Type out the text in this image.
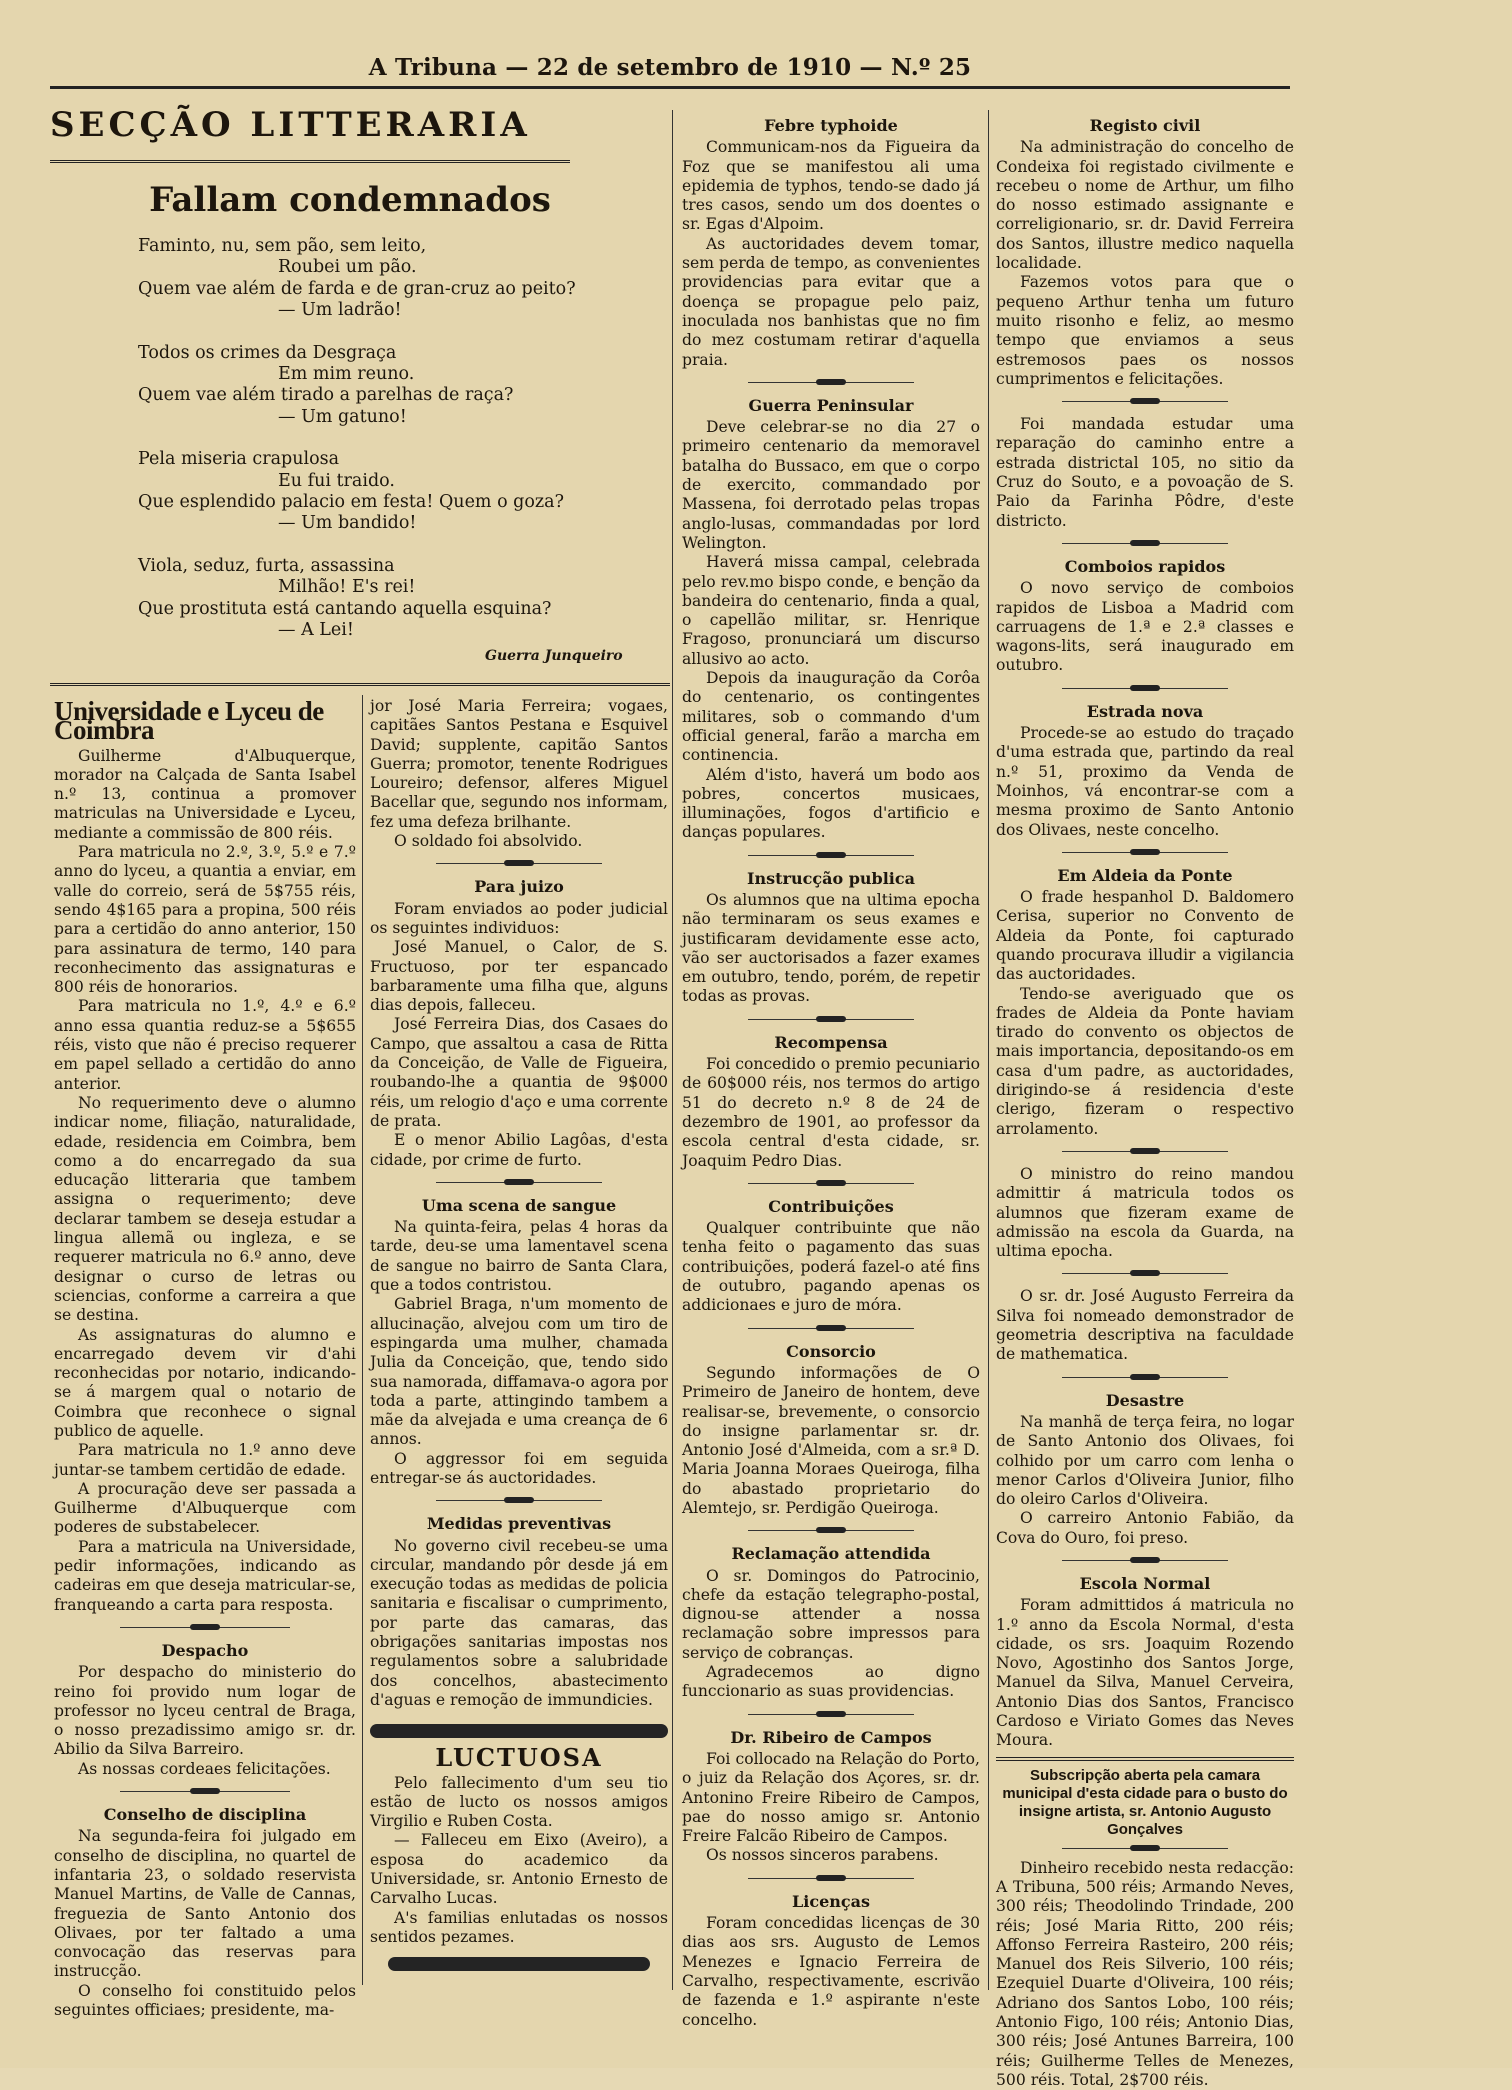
A Tribuna — 22 de setembro de 1910 — N.º 25
SECÇÃO LITTERARIA
Fallam condemnados
Faminto, nu, sem pão, sem leito,
Roubei um pão.
Quem vae além de farda e de gran-cruz ao peito?
— Um ladrão!
Todos os crimes da Desgraça
Em mim reuno.
Quem vae além tirado a parelhas de raça?
— Um gatuno!
Pela miseria crapulosa
Eu fui traido.
Que esplendido palacio em festa! Quem o goza?
— Um bandido!
Viola, seduz, furta, assassina
Milhão! E's rei!
Que prostituta está cantando aquella esquina?
— A Lei!
Guerra Junqueiro
Universidade e Lyceu de Coimbra

Guilherme d'Albuquerque, morador na Calçada de Santa Isabel n.º 13, continua a promover matriculas na Universidade e Lyceu, mediante a commissão de 800 réis.

Para matricula no 2.º, 3.º, 5.º e 7.º anno do lyceu, a quantia a enviar, em valle do correio, será de 5$755 réis, sendo 4$165 para a propina, 500 réis para a certidão do anno anterior, 150 para assinatura de termo, 140 para reconhecimento das assignaturas e 800 réis de honorarios.

Para matricula no 1.º, 4.º e 6.º anno essa quantia reduz-se a 5$655 réis, visto que não é preciso requerer em papel sellado a certidão do anno anterior.

No requerimento deve o alumno indicar nome, filiação, naturalidade, edade, residencia em Coimbra, bem como a do encarregado da sua educação litteraria que tambem assigna o requerimento; deve declarar tambem se deseja estudar a lingua allemã ou ingleza, e se requerer matricula no 6.º anno, deve designar o curso de letras ou sciencias, conforme a carreira a que se destina.

As assignaturas do alumno e encarregado devem vir d'ahi reconhecidas por notario, indicando-se á margem qual o notario de Coimbra que reconhece o signal publico de aquelle.

Para matricula no 1.º anno deve juntar-se tambem certidão de edade.

A procuração deve ser passada a Guilherme d'Albuquerque com poderes de substabelecer.

Para a matricula na Universidade, pedir informações, indicando as cadeiras em que deseja matricular-se, franqueando a carta para resposta.

Despacho

Por despacho do ministerio do reino foi provido num logar de professor no lyceu central de Braga, o nosso prezadissimo amigo sr. dr. Abilio da Silva Barreiro.

As nossas cordeaes felicitações.

Conselho de disciplina

Na segunda-feira foi julgado em conselho de disciplina, no quartel de infantaria 23, o soldado reservista Manuel Martins, de Valle de Cannas, freguezia de Santo Antonio dos Olivaes, por ter faltado a uma convocação das reservas para instrucção.

O conselho foi constituido pelos seguintes officiaes; presidente, ma-

jor José Maria Ferreira; vogaes, capitães Santos Pestana e Esquivel David; supplente, capitão Santos Guerra; promotor, tenente Rodrigues Loureiro; defensor, alferes Miguel Bacellar que, segundo nos informam, fez uma defeza brilhante.

O soldado foi absolvido.

Para juizo

Foram enviados ao poder judicial os seguintes individuos:

José Manuel, o Calor, de S. Fructuoso, por ter espancado barbaramente uma filha que, alguns dias depois, falleceu.

José Ferreira Dias, dos Casaes do Campo, que assaltou a casa de Ritta da Conceição, de Valle de Figueira, roubando-lhe a quantia de 9$000 réis, um relogio d'aço e uma corrente de prata.

E o menor Abilio Lagôas, d'esta cidade, por crime de furto.

Uma scena de sangue

Na quinta-feira, pelas 4 horas da tarde, deu-se uma lamentavel scena de sangue no bairro de Santa Clara, que a todos contristou.

Gabriel Braga, n'um momento de allucinação, alvejou com um tiro de espingarda uma mulher, chamada Julia da Conceição, que, tendo sido sua namorada, diffamava-o agora por toda a parte, attingindo tambem a mãe da alvejada e uma creança de 6 annos.

O aggressor foi em seguida entregar-se ás auctoridades.

Medidas preventivas

No governo civil recebeu-se uma circular, mandando pôr desde já em execução todas as medidas de policia sanitaria e fiscalisar o cumprimento, por parte das camaras, das obrigações sanitarias impostas nos regulamentos sobre a salubridade dos concelhos, abastecimento d'aguas e remoção de immundicies.

LUCTUOSA

Pelo fallecimento d'um seu tio estão de lucto os nossos amigos Virgilio e Ruben Costa.

— Falleceu em Eixo (Aveiro), a esposa do academico da Universidade, sr. Antonio Ernesto de Carvalho Lucas.

A's familias enlutadas os nossos sentidos pezames.

Febre typhoide

Communicam-nos da Figueira da Foz que se manifestou ali uma epidemia de typhos, tendo-se dado já tres casos, sendo um dos doentes o sr. Egas d'Alpoim.

As auctoridades devem tomar, sem perda de tempo, as convenientes providencias para evitar que a doença se propague pelo paiz, inoculada nos banhistas que no fim do mez costumam retirar d'aquella praia.

Guerra Peninsular

Deve celebrar-se no dia 27 o primeiro centenario da memoravel batalha do Bussaco, em que o corpo de exercito, commandado por Massena, foi derrotado pelas tropas anglo-lusas, commandadas por lord Welington.

Haverá missa campal, celebrada pelo rev.mo bispo conde, e benção da bandeira do centenario, finda a qual, o capellão militar, sr. Henrique Fragoso, pronunciará um discurso allusivo ao acto.

Depois da inauguração da Corôa do centenario, os contingentes militares, sob o commando d'um official general, farão a marcha em continencia.

Além d'isto, haverá um bodo aos pobres, concertos musicaes, illuminações, fogos d'artificio e danças populares.

Instrucção publica

Os alumnos que na ultima epocha não terminaram os seus exames e justificaram devidamente esse acto, vão ser auctorisados a fazer exames em outubro, tendo, porém, de repetir todas as provas.

Recompensa

Foi concedido o premio pecuniario de 60$000 réis, nos termos do artigo 51 do decreto n.º 8 de 24 de dezembro de 1901, ao professor da escola central d'esta cidade, sr. Joaquim Pedro Dias.

Contribuições

Qualquer contribuinte que não tenha feito o pagamento das suas contribuições, poderá fazel-o até fins de outubro, pagando apenas os addicionaes e juro de móra.

Consorcio

Segundo informações de O Primeiro de Janeiro de hontem, deve realisar-se, brevemente, o consorcio do insigne parlamentar sr. dr. Antonio José d'Almeida, com a sr.ª D. Maria Joanna Moraes Queiroga, filha do abastado proprietario do Alemtejo, sr. Perdigão Queiroga.

Reclamação attendida

O sr. Domingos do Patrocinio, chefe da estação telegrapho-postal, dignou-se attender a nossa reclamação sobre impressos para serviço de cobranças.

Agradecemos ao digno funccionario as suas providencias.

Dr. Ribeiro de Campos

Foi collocado na Relação do Porto, o juiz da Relação dos Açores, sr. dr. Antonino Freire Ribeiro de Campos, pae do nosso amigo sr. Antonio Freire Falcão Ribeiro de Campos.

Os nossos sinceros parabens.

Licenças

Foram concedidas licenças de 30 dias aos srs. Augusto de Lemos Menezes e Ignacio Ferreira de Carvalho, respectivamente, escrivão de fazenda e 1.º aspirante n'este concelho.

Registo civil

Na administração do concelho de Condeixa foi registado civilmente e recebeu o nome de Arthur, um filho do nosso estimado assignante e correligionario, sr. dr. David Ferreira dos Santos, illustre medico naquella localidade.

Fazemos votos para que o pequeno Arthur tenha um futuro muito risonho e feliz, ao mesmo tempo que enviamos a seus estremosos paes os nossos cumprimentos e felicitações.

Foi mandada estudar uma reparação do caminho entre a estrada districtal 105, no sitio da Cruz do Souto, e a povoação de S. Paio da Farinha Pôdre, d'este districto.

Comboios rapidos

O novo serviço de comboios rapidos de Lisboa a Madrid com carruagens de 1.ª e 2.ª classes e wagons-lits, será inaugurado em outubro.

Estrada nova

Procede-se ao estudo do traçado d'uma estrada que, partindo da real n.º 51, proximo da Venda de Moinhos, vá encontrar-se com a mesma proximo de Santo Antonio dos Olivaes, neste concelho.

Em Aldeia da Ponte

O frade hespanhol D. Baldomero Cerisa, superior no Convento de Aldeia da Ponte, foi capturado quando procurava illudir a vigilancia das auctoridades.

Tendo-se averiguado que os frades de Aldeia da Ponte haviam tirado do convento os objectos de mais importancia, depositando-os em casa d'um padre, as auctoridades, dirigindo-se á residencia d'este clerigo, fizeram o respectivo arrolamento.

O ministro do reino mandou admittir á matricula todos os alumnos que fizeram exame de admissão na escola da Guarda, na ultima epocha.

O sr. dr. José Augusto Ferreira da Silva foi nomeado demonstrador de geometria descriptiva na faculdade de mathematica.

Desastre

Na manhã de terça feira, no logar de Santo Antonio dos Olivaes, foi colhido por um carro com lenha o menor Carlos d'Oliveira Junior, filho do oleiro Carlos d'Oliveira.

O carreiro Antonio Fabião, da Cova do Ouro, foi preso.

Escola Normal

Foram admittidos á matricula no 1.º anno da Escola Normal, d'esta cidade, os srs. Joaquim Rozendo Novo, Agostinho dos Santos Jorge, Manuel da Silva, Manuel Cerveira, Antonio Dias dos Santos, Francisco Cardoso e Viriato Gomes das Neves Moura.

Subscripção aberta pela camara municipal d'esta cidade para o busto do insigne artista, sr. Antonio Augusto Gonçalves

Dinheiro recebido nesta redacção: A Tribuna, 500 réis; Armando Neves, 300 réis; Theodolindo Trindade, 200 réis; José Maria Ritto, 200 réis; Affonso Ferreira Rasteiro, 200 réis; Manuel dos Reis Silverio, 100 réis; Ezequiel Duarte d'Oliveira, 100 réis; Adriano dos Santos Lobo, 100 réis; Antonio Figo, 100 réis; Antonio Dias, 300 réis; José Antunes Barreira, 100 réis; Guilherme Telles de Menezes, 500 réis. Total, 2$700 réis.
